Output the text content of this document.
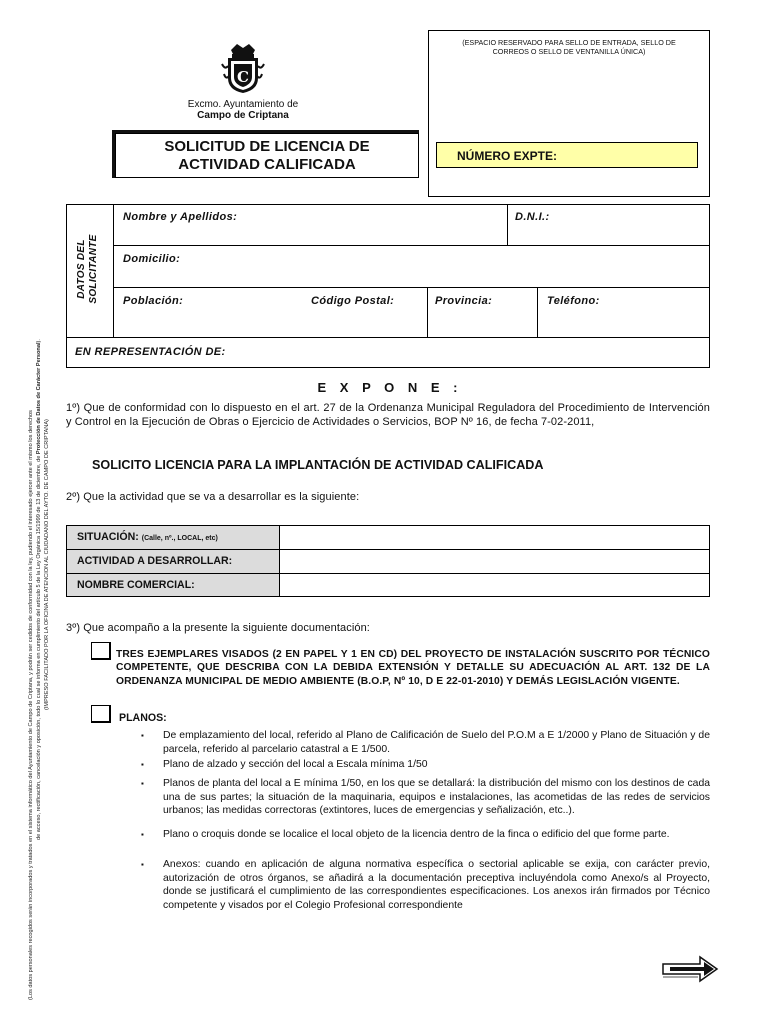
(Los datos personales recogidos serán incorporados y tratados en el sistema informático del Ayuntamiento de Campo de Criptana, y podrán ser cedidos de conformidad con la ley, pudiendo el interesado ejercer ante el mismo los derechos de acceso, rectificación, cancelación y oposición, todo lo cual se informa en cumplimiento del artículo 5 de la Ley Orgánica 15/1999 de 13 de diciembre, de Protección de Datos de Carácter Personal).
(IMPRESO FACILITADO POR LA OFICINA DE ATENCION AL CIUDADANO DEL AYTO. DE CAMPO DE CRIPTANA)
C
Excmo. Ayuntamiento de
Campo de Criptana
(ESPACIO RESERVADO PARA SELLO DE ENTRADA, SELLO DE CORREOS O SELLO DE VENTANILLA ÚNICA)
SOLICITUD DE LICENCIA DE
ACTIVIDAD CALIFICADA	NÚMERO EXPTE:
DATOS DEL SOLICITANTE
Nombre y Apellidos:	D.N.I.:
Domicilio:
Población:	Código Postal:	Provincia:	Teléfono:
EN REPRESENTACIÓN DE:
E X P O N E :
1º) Que de conformidad con lo dispuesto en el art. 27 de la Ordenanza Municipal Reguladora del Procedimiento de Intervención y Control en la Ejecución de Obras o Ejercicio de Actividades o Servicios, BOP Nº 16, de fecha 7-02-2011,
SOLICITO LICENCIA PARA LA IMPLANTACIÓN DE ACTIVIDAD CALIFICADA
2º) Que la actividad que se va a desarrollar es la siguiente:
SITUACIÓN: (Calle, nº., LOCAL, etc)
ACTIVIDAD A DESARROLLAR:
NOMBRE COMERCIAL:
3º) Que acompaño a la presente la siguiente documentación:
TRES EJEMPLARES VISADOS (2 EN PAPEL Y 1 EN CD) DEL PROYECTO DE INSTALACIÓN SUSCRITO POR TÉCNICO COMPETENTE, QUE DESCRIBA CON LA DEBIDA EXTENSIÓN Y DETALLE SU ADECUACIÓN AL ART. 132 DE LA ORDENANZA MUNICIPAL DE MEDIO AMBIENTE (B.O.P, Nº 10, D E 22-01-2010) Y DEMÁS LEGISLACIÓN VIGENTE.
PLANOS:
▪ De emplazamiento del local, referido al Plano de Calificación de Suelo del P.O.M a E 1/2000 y Plano de Situación y de parcela, referido al parcelario catastral a E 1/500.
▪ Plano de alzado y sección del local a Escala mínima 1/50
▪ Planos de planta del local a E mínima 1/50, en los que se detallará: la distribución del mismo con los destinos de cada una de sus partes; la situación de la maquinaria, equipos e instalaciones, las acometidas de las redes de servicios urbanos; las medidas correctoras (extintores, luces de emergencias y señalización, etc..).
▪ Plano o croquis donde se localice el local objeto de la licencia dentro de la finca o edificio del que forme parte.
▪ Anexos: cuando en aplicación de alguna normativa específica o sectorial aplicable se exija, con carácter previo, autorización de otros órganos, se añadirá a la documentación preceptiva incluyéndola como Anexo/s al Proyecto, donde se justificará el cumplimiento de las correspondientes especificaciones. Los anexos irán firmados por Técnico competente y visados por el Colegio Profesional correspondiente
